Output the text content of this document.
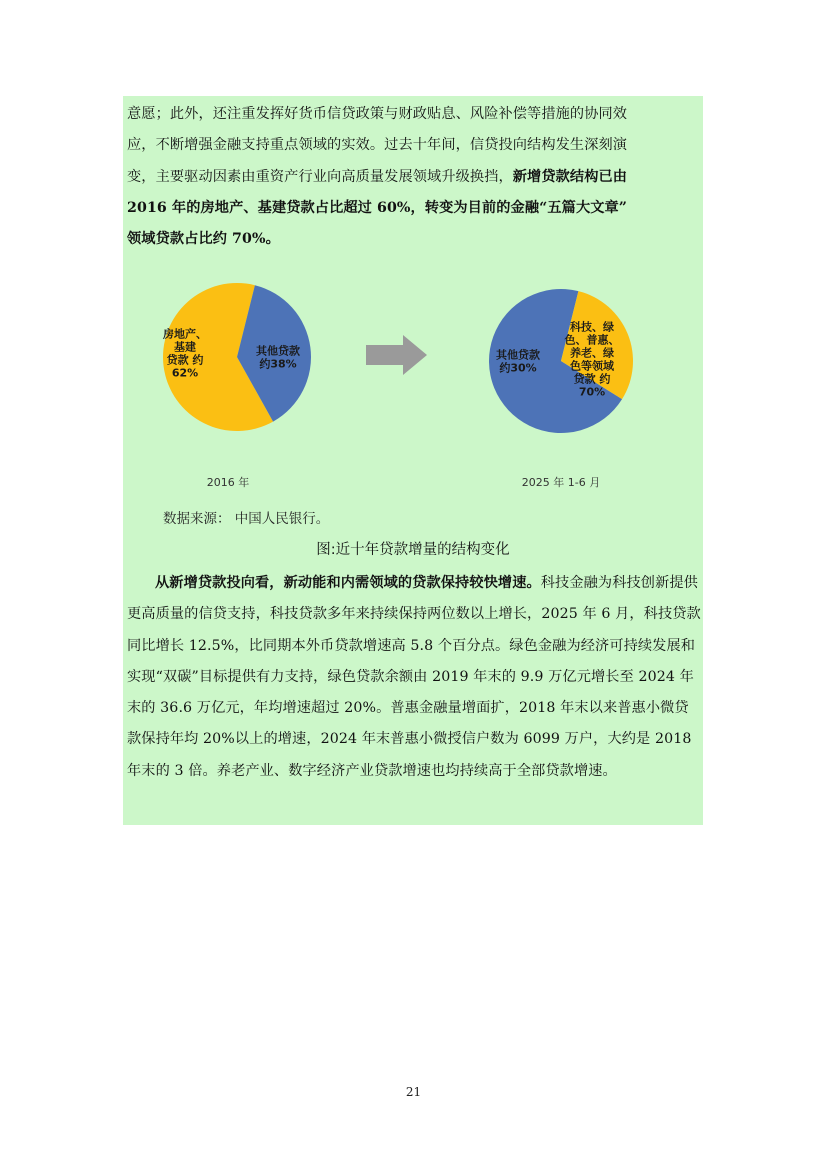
意愿；此外，还注重发挥好货币信贷政策与财政贴息、风险补偿等措施的协同效
应，不断增强金融支持重点领域的实效。过去十年间，信贷投向结构发生深刻演
变，主要驱动因素由重资产行业向高质量发展领域升级换挡，新增贷款结构已由
2016 年的房地产、基建贷款占比超过 60%，转变为目前的金融“五篇大文章”
领域贷款占比约 70%。
房地产、基建贷款 约 62%
其他贷款约38%
科技、绿色、普惠、养老、绿色等领域贷款 约 70%
其他贷款约30%
2016 年	2025 年 1-6 月
数据来源： 中国人民银行。
图:近十年贷款增量的结构变化
从新增贷款投向看，新动能和内需领域的贷款保持较快增速。科技金融为科技创新提供更高质量的信贷支持，科技贷款多年来持续保持两位数以上增长，2025 年 6 月，科技贷款同比增长 12.5%，比同期本外币贷款增速高 5.8 个百分点。绿色金融为经济可持续发展和实现“双碳”目标提供有力支持，绿色贷款余额由 2019 年末的 9.9 万亿元增长至 2024 年末的 36.6 万亿元，年均增速超过 20%。普惠金融量增面扩，2018 年末以来普惠小微贷款保持年均 20%以上的增速，2024 年末普惠小微授信户数为 6099 万户，大约是 2018 年末的 3 倍。养老产业、数字经济产业贷款增速也均持续高于全部贷款增速。
21
